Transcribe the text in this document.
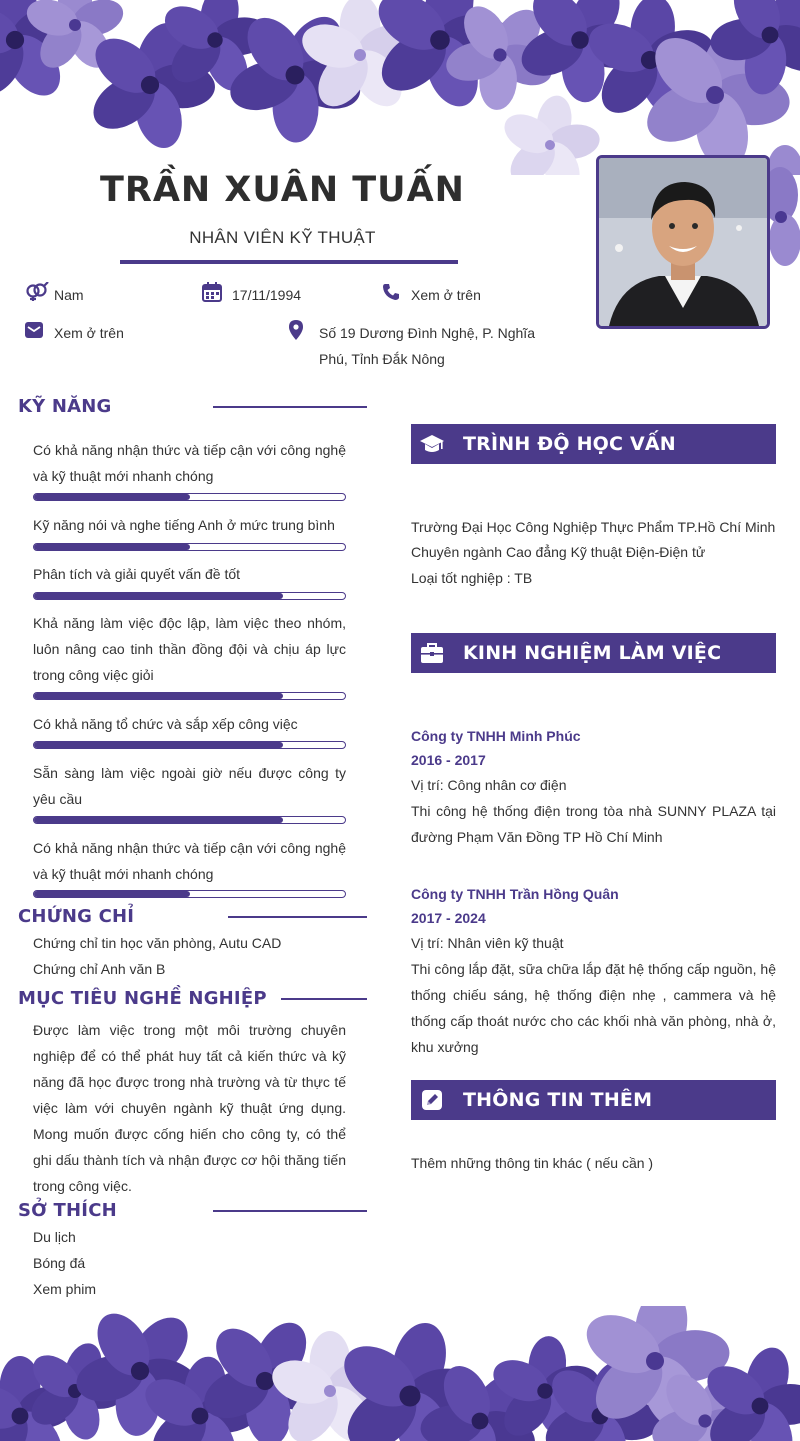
TRẦN XUÂN TUẤN
NHÂN VIÊN KỸ THUẬT
Nam	17/11/1994	Xem ở trên
Xem ở trên	Số 19 Dương Đình Nghệ, P. Nghĩa
Phú, Tỉnh Đắk Nông
KỸ NĂNG
Có khả năng nhận thức và tiếp cận với công nghệ và kỹ thuật mới nhanh chóng
Kỹ năng nói và nghe tiếng Anh ở mức trung bình
Phân tích và giải quyết vấn đề tốt
Khả năng làm việc độc lập, làm việc theo nhóm, luôn nâng cao tinh thần đồng đội và chịu áp lực trong công việc giỏi
Có khả năng tổ chức và sắp xếp công việc
Sẵn sàng làm việc ngoài giờ nếu được công ty yêu cầu
Có khả năng nhận thức và tiếp cận với công nghệ và kỹ thuật mới nhanh chóng
CHỨNG CHỈ
Chứng chỉ tin học văn phòng, Autu CAD
Chứng chỉ Anh văn B
MỤC TIÊU NGHỀ NGHIỆP
Được làm việc trong một môi trường chuyên nghiệp để có thể phát huy tất cả kiến thức và kỹ năng đã học được trong nhà trường và từ thực tế việc làm với chuyên ngành kỹ thuật ứng dụng. Mong muốn được cống hiến cho công ty, có thể ghi dấu thành tích và nhận được cơ hội thăng tiến trong công việc.
SỞ THÍCH
Du lịch
Bóng đá
Xem phim
TRÌNH ĐỘ HỌC VẤN
Trường Đại Học Công Nghiệp Thực Phẩm TP.Hồ Chí Minh
Chuyên ngành Cao đẳng Kỹ thuật Điện-Điện tử
Loại tốt nghiệp : TB
KINH NGHIỆM LÀM VIỆC
Công ty TNHH Minh Phúc
2016 - 2017
Vị trí: Công nhân cơ điện
Thi công hệ thống điện trong tòa nhà SUNNY PLAZA tại đường Phạm Văn Đồng TP Hồ Chí Minh
Công ty TNHH Trần Hồng Quân
2017 - 2024
Vị trí: Nhân viên kỹ thuật
Thi công lắp đặt, sữa chữa lắp đặt hệ thống cấp nguồn, hệ thống chiếu sáng, hệ thống điện nhẹ , cammera và hệ thống cấp thoát nước cho các khối nhà văn phòng, nhà ở, khu xưởng
THÔNG TIN THÊM
Thêm những thông tin khác ( nếu cần )
